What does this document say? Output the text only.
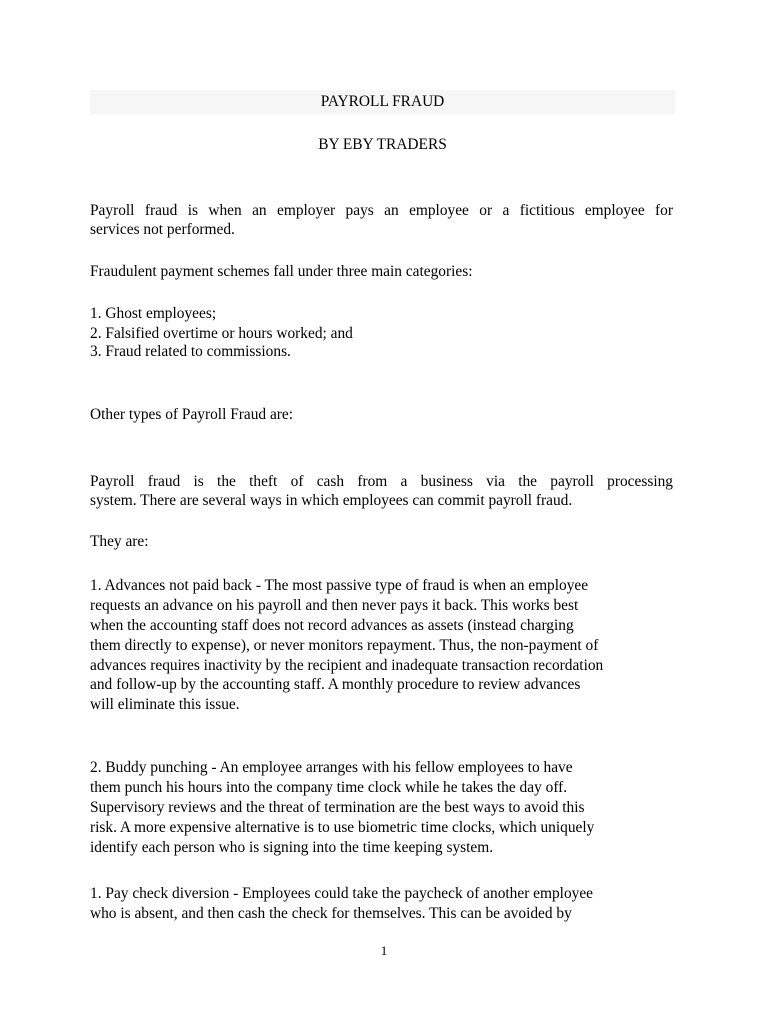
PAYROLL FRAUD
BY EBY TRADERS
Payroll fraud is when an employer pays an employee or a fictitious employee for
services not performed.
Fraudulent payment schemes fall under three main categories:
1. Ghost employees;
2. Falsified overtime or hours worked; and
3. Fraud related to commissions.
Other types of Payroll Fraud are:
Payroll fraud is the theft of cash from a business via the payroll processing
system. There are several ways in which employees can commit payroll fraud.
They are:
1. Advances not paid back - The most passive type of fraud is when an employee
requests an advance on his payroll and then never pays it back. This works best
when the accounting staff does not record advances as assets (instead charging
them directly to expense), or never monitors repayment. Thus, the non-payment of
advances requires inactivity by the recipient and inadequate transaction recordation
and follow-up by the accounting staff. A monthly procedure to review advances
will eliminate this issue.
2. Buddy punching - An employee arranges with his fellow employees to have
them punch his hours into the company time clock while he takes the day off.
Supervisory reviews and the threat of termination are the best ways to avoid this
risk. A more expensive alternative is to use biometric time clocks, which uniquely
identify each person who is signing into the time keeping system.
1. Pay check diversion - Employees could take the paycheck of another employee
who is absent, and then cash the check for themselves. This can be avoided by
1
